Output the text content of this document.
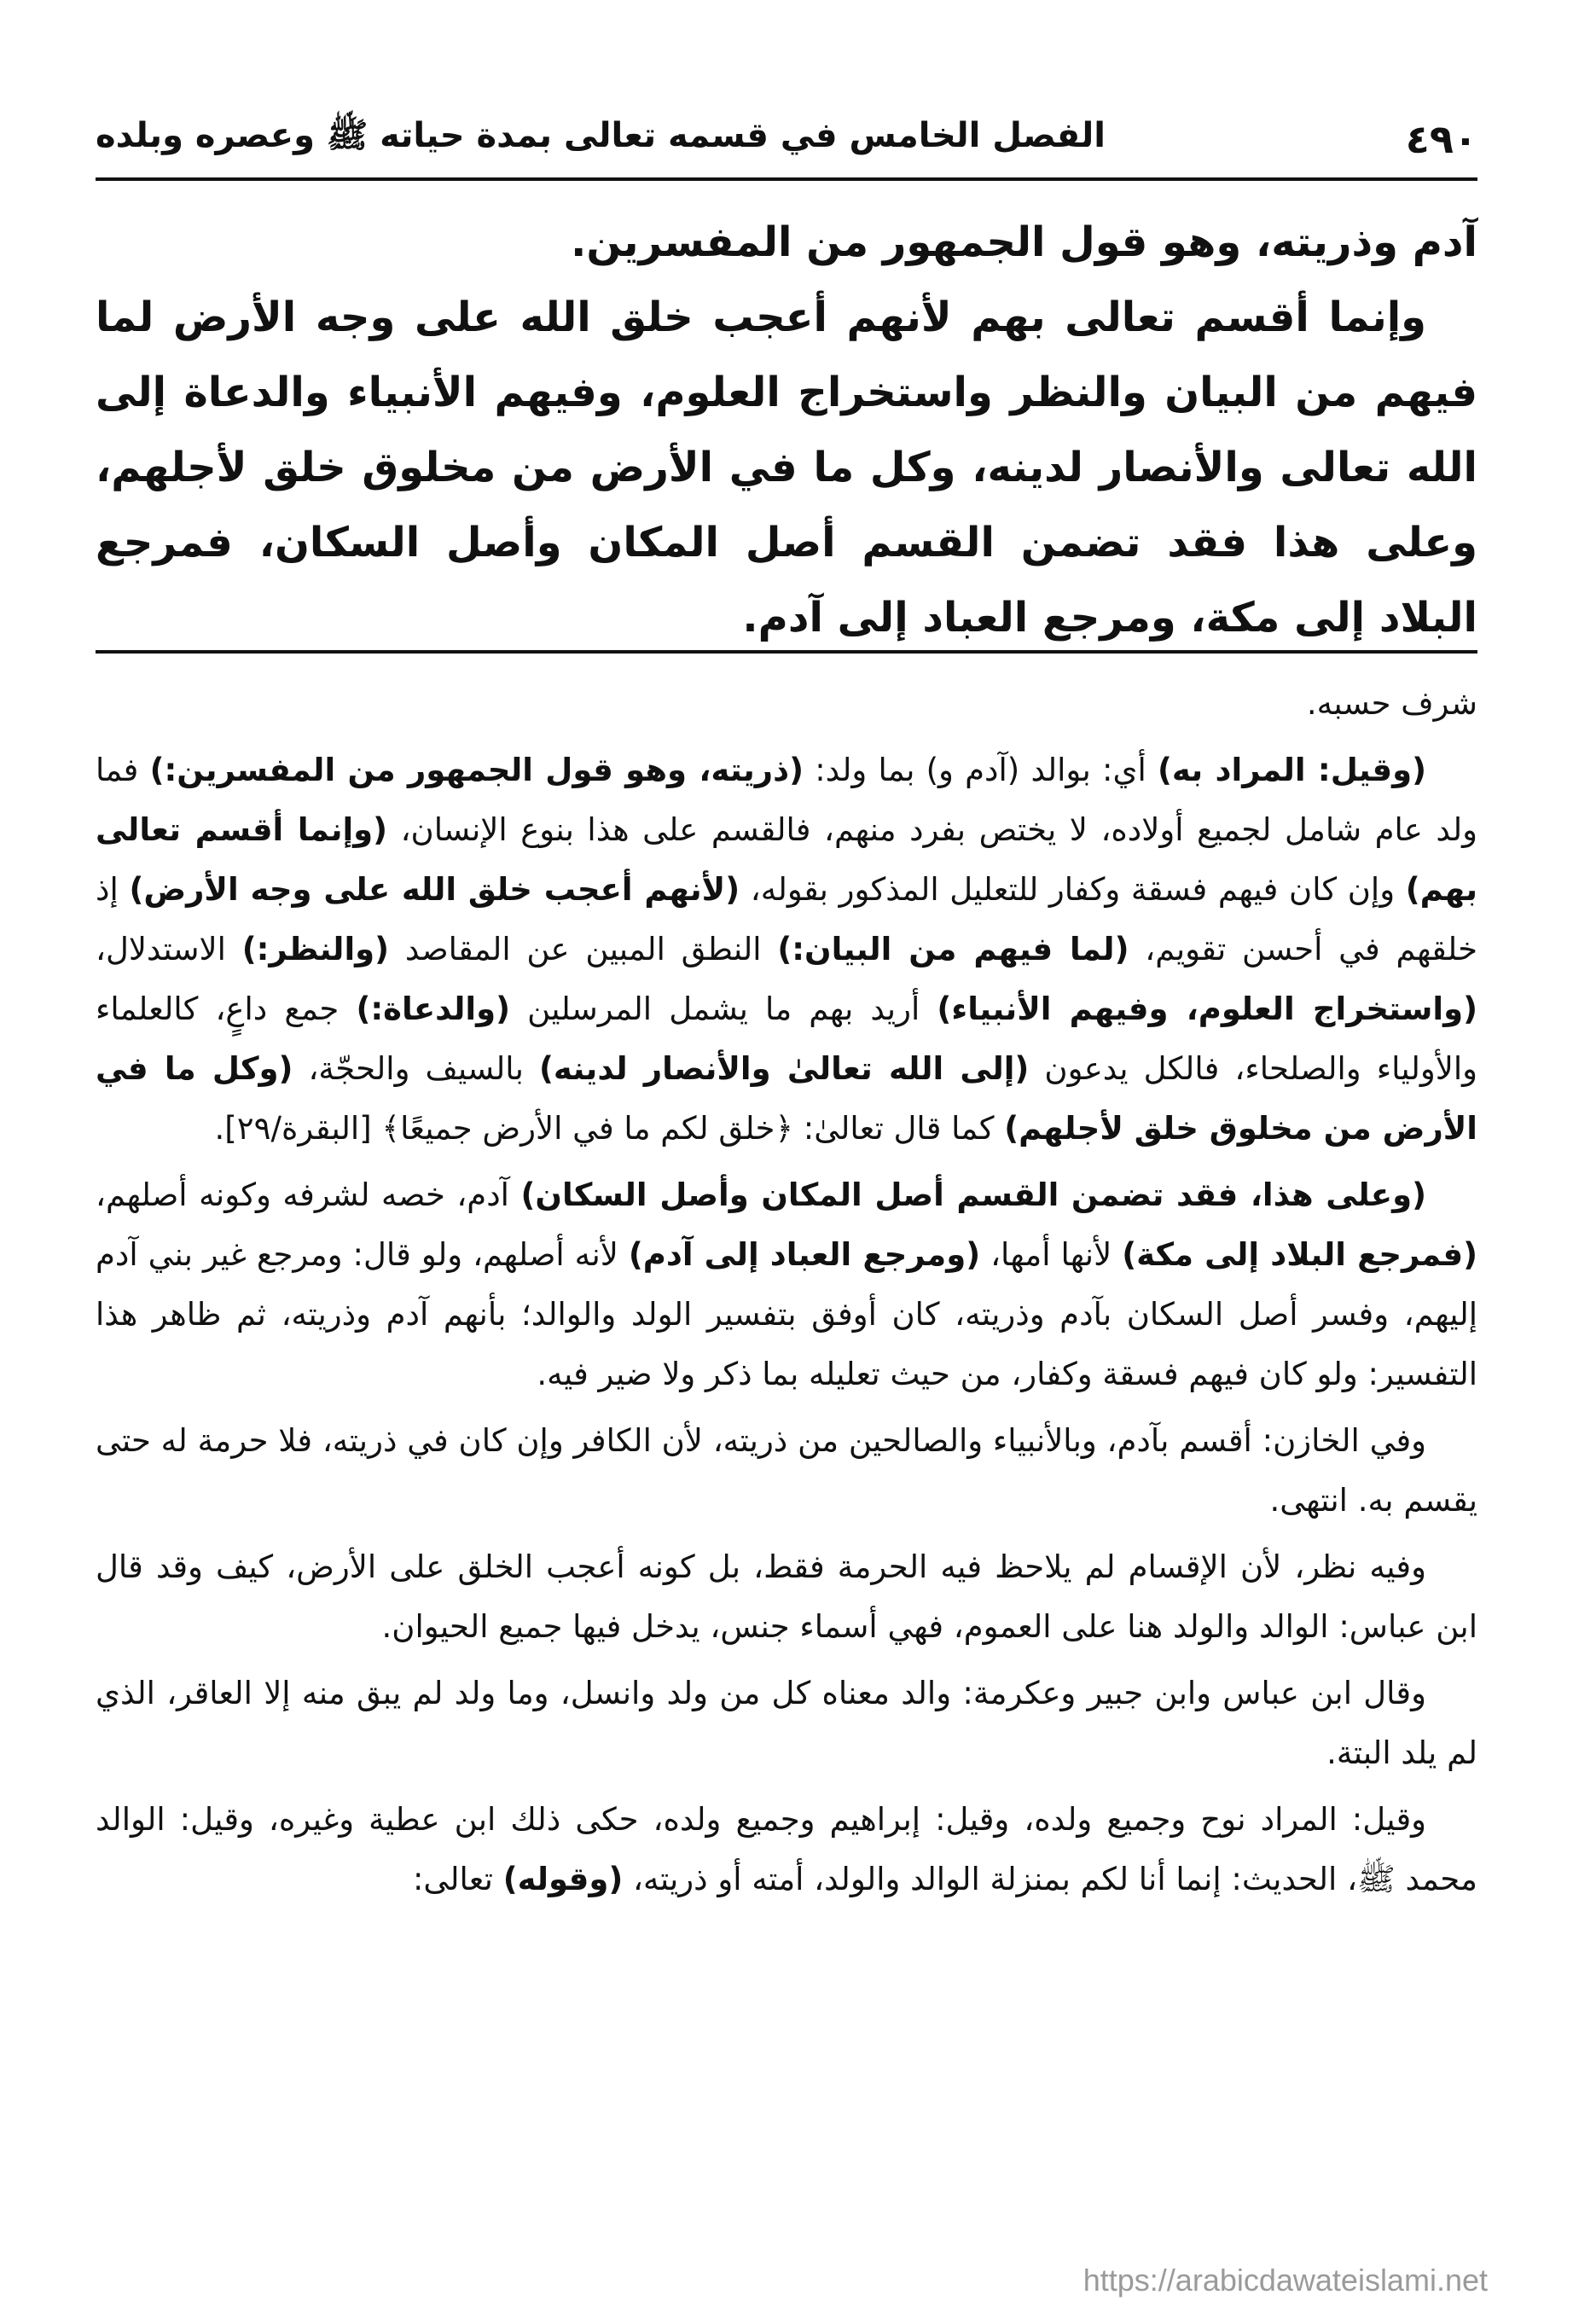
٤٩٠
الفصل الخامس في قسمه تعالى بمدة حياته ﷺ وعصره وبلده

آدم وذريته، وهو قول الجمهور من المفسرين.

وإنما أقسم تعالى بهم لأنهم أعجب خلق الله على وجه الأرض لما فيهم من البيان والنظر واستخراج العلوم، وفيهم الأنبياء والدعاة إلى الله تعالى والأنصار لدينه، وكل ما في الأرض من مخلوق خلق لأجلهم، وعلى هذا فقد تضمن القسم أصل المكان وأصل السكان، فمرجع البلاد إلى مكة، ومرجع العباد إلى آدم.

شرف حسبه.

(وقيل: المراد به) أي: بوالد (آدم و) بما ولد: (ذريته، وهو قول الجمهور من المفسرين:) فما ولد عام شامل لجميع أولاده، لا يختص بفرد منهم، فالقسم على هذا بنوع الإنسان، (وإنما أقسم تعالى بهم) وإن كان فيهم فسقة وكفار للتعليل المذكور بقوله، (لأنهم أعجب خلق الله على وجه الأرض) إذ خلقهم في أحسن تقويم، (لما فيهم من البيان:) النطق المبين عن المقاصد (والنظر:) الاستدلال، (واستخراج العلوم، وفيهم الأنبياء) أريد بهم ما يشمل المرسلين (والدعاة:) جمع داعٍ، كالعلماء والأولياء والصلحاء، فالكل يدعون (إلى الله تعالىٰ والأنصار لدينه) بالسيف والحجّة، (وكل ما في الأرض من مخلوق خلق لأجلهم) كما قال تعالىٰ: ﴿خلق لكم ما في الأرض جميعًا﴾ [البقرة/٢٩].

(وعلى هذا، فقد تضمن القسم أصل المكان وأصل السكان) آدم، خصه لشرفه وكونه أصلهم، (فمرجع البلاد إلى مكة) لأنها أمها، (ومرجع العباد إلى آدم) لأنه أصلهم، ولو قال: ومرجع غير بني آدم إليهم، وفسر أصل السكان بآدم وذريته، كان أوفق بتفسير الولد والوالد؛ بأنهم آدم وذريته، ثم ظاهر هذا التفسير: ولو كان فيهم فسقة وكفار، من حيث تعليله بما ذكر ولا ضير فيه.

وفي الخازن: أقسم بآدم، وبالأنبياء والصالحين من ذريته، لأن الكافر وإن كان في ذريته، فلا حرمة له حتى يقسم به. انتهى.

وفيه نظر، لأن الإقسام لم يلاحظ فيه الحرمة فقط، بل كونه أعجب الخلق على الأرض، كيف وقد قال ابن عباس: الوالد والولد هنا على العموم، فهي أسماء جنس، يدخل فيها جميع الحيوان.

وقال ابن عباس وابن جبير وعكرمة: والد معناه كل من ولد وانسل، وما ولد لم يبق منه إلا العاقر، الذي لم يلد البتة.

وقيل: المراد نوح وجميع ولده، وقيل: إبراهيم وجميع ولده، حكى ذلك ابن عطية وغيره، وقيل: الوالد محمد ﷺ، الحديث: إنما أنا لكم بمنزلة الوالد والولد، أمته أو ذريته، (وقوله) تعالى:

https://arabicdawateislami.net
